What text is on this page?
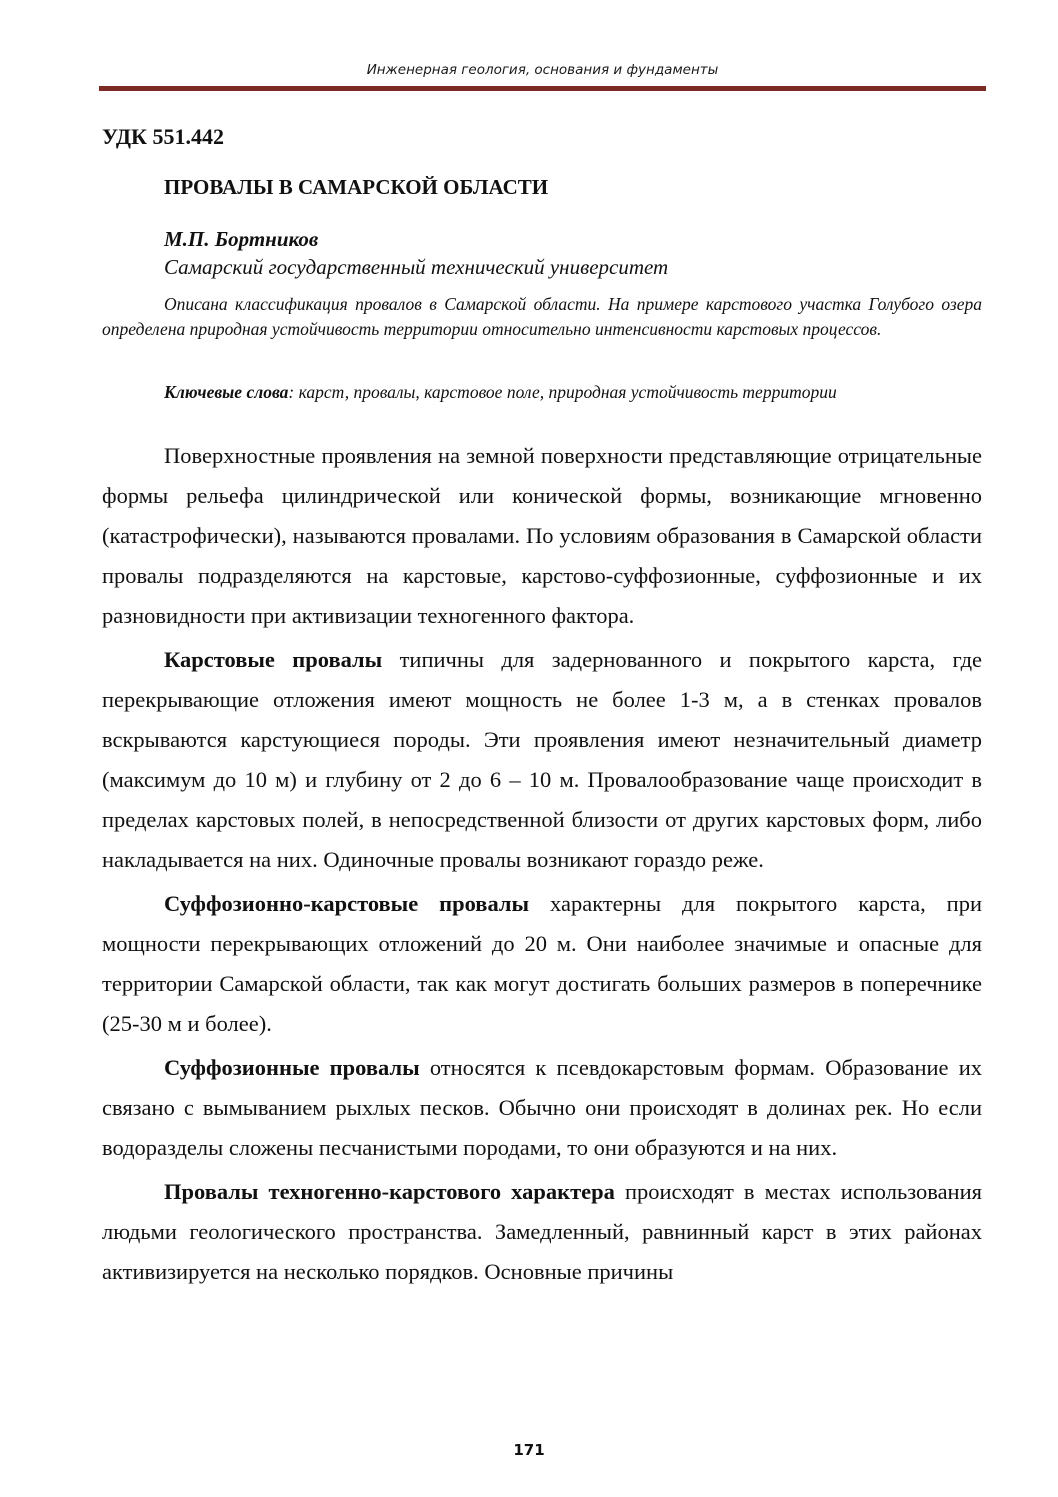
Инженерная геология, основания и фундаменты
УДК 551.442
ПРОВАЛЫ В САМАРСКОЙ ОБЛАСТИ
М.П. Бортников
Самарский государственный технический университет

Описана классификация провалов в Самарской области. На примере карстового участка Голубого озера определена природная устойчивость территории относительно интенсивности карстовых процессов.

Ключевые слова: карст, провалы, карстовое поле, природная устойчивость территории

Поверхностные проявления на земной поверхности представляющие отрицательные формы рельефа цилиндрической или конической формы, возникающие мгновенно (катастрофически), называются провалами. По условиям образования в Самарской области провалы подразделяются на карстовые, карстово-суффозионные, суффозионные и их разновидности при активизации техногенного фактора.

Карстовые провалы типичны для задернованного и покрытого карста, где перекрывающие отложения имеют мощность не более 1-3 м, а в стенках провалов вскрываются карстующиеся породы. Эти проявления имеют незначительный диаметр (максимум до 10 м) и глубину от 2 до 6 – 10 м. Провалообразование чаще происходит в пределах карстовых полей, в непосредственной близости от других карстовых форм, либо накладывается на них. Одиночные провалы возникают гораздо реже.

Суффозионно-карстовые провалы характерны для покрытого карста, при мощности перекрывающих отложений до 20 м. Они наиболее значимые и опасные для территории Самарской области, так как могут достигать больших размеров в поперечнике (25-30 м и более).

Суффозионные провалы относятся к псевдокарстовым формам. Образование их связано с вымыванием рыхлых песков. Обычно они происходят в долинах рек. Но если водоразделы сложены песчанистыми породами, то они образуются и на них.

Провалы техногенно-карстового характера происходят в местах использования людьми геологического пространства. Замедленный, равнинный карст в этих районах активизируется на несколько порядков. Основные причины

171
